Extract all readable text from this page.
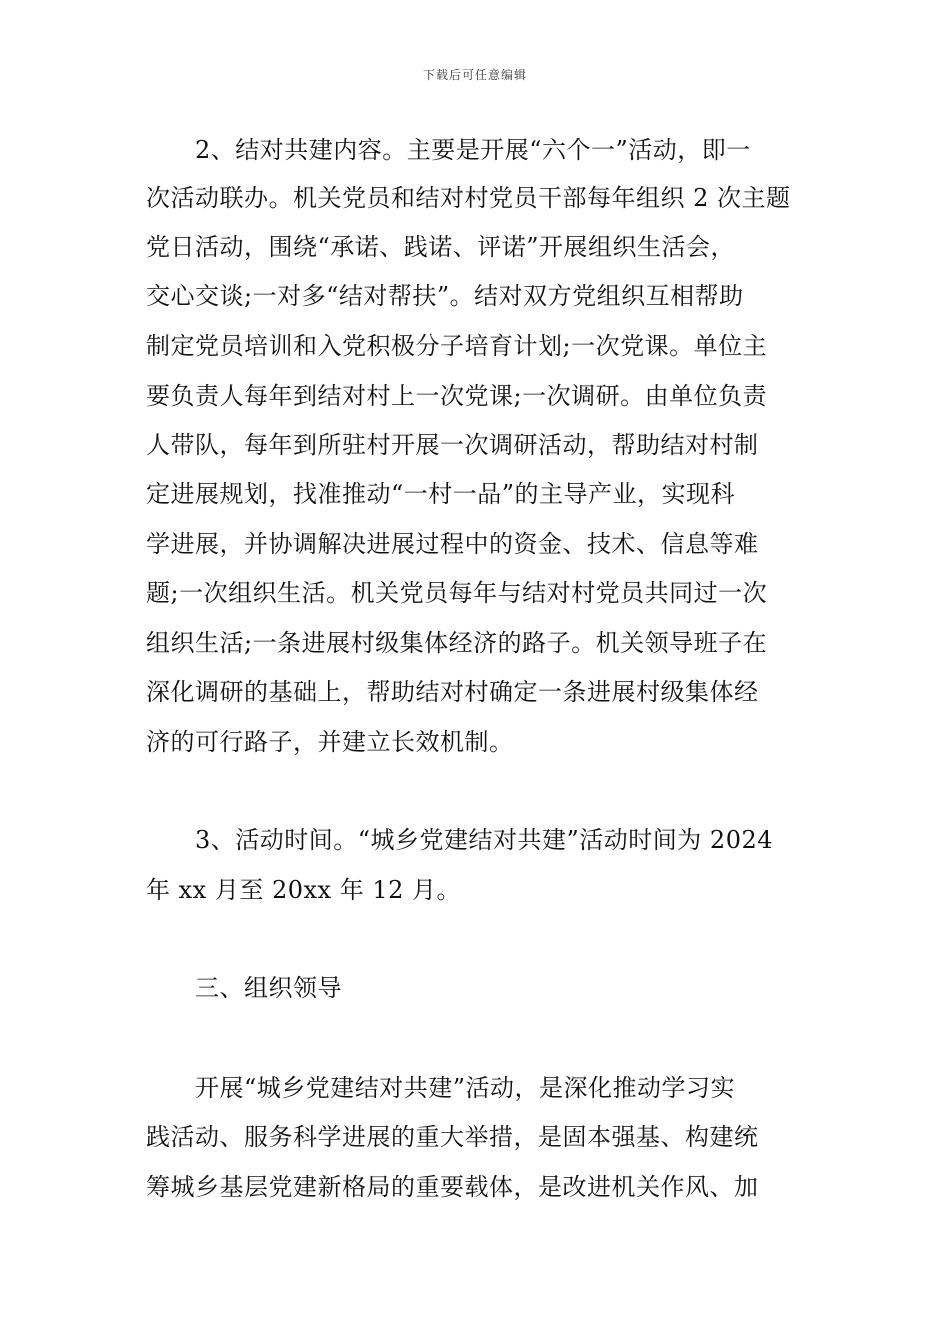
下载后可任意编辑
2、结对共建内容。主要是开展“六个一”活动，即一
次活动联办。机关党员和结对村党员干部每年组织 2 次主题
党日活动，围绕“承诺、践诺、评诺”开展组织生活会，
交心交谈;一对多“结对帮扶”。结对双方党组织互相帮助
制定党员培训和入党积极分子培育计划;一次党课。单位主
要负责人每年到结对村上一次党课;一次调研。由单位负责
人带队，每年到所驻村开展一次调研活动，帮助结对村制
定进展规划，找准推动“一村一品”的主导产业，实现科
学进展，并协调解决进展过程中的资金、技术、信息等难
题;一次组织生活。机关党员每年与结对村党员共同过一次
组织生活;一条进展村级集体经济的路子。机关领导班子在
深化调研的基础上，帮助结对村确定一条进展村级集体经
济的可行路子，并建立长效机制。
3、活动时间。“城乡党建结对共建”活动时间为 2024
年 xx 月至 20xx 年 12 月。
三、组织领导
开展“城乡党建结对共建”活动，是深化推动学习实
践活动、服务科学进展的重大举措，是固本强基、构建统
筹城乡基层党建新格局的重要载体，是改进机关作风、加
